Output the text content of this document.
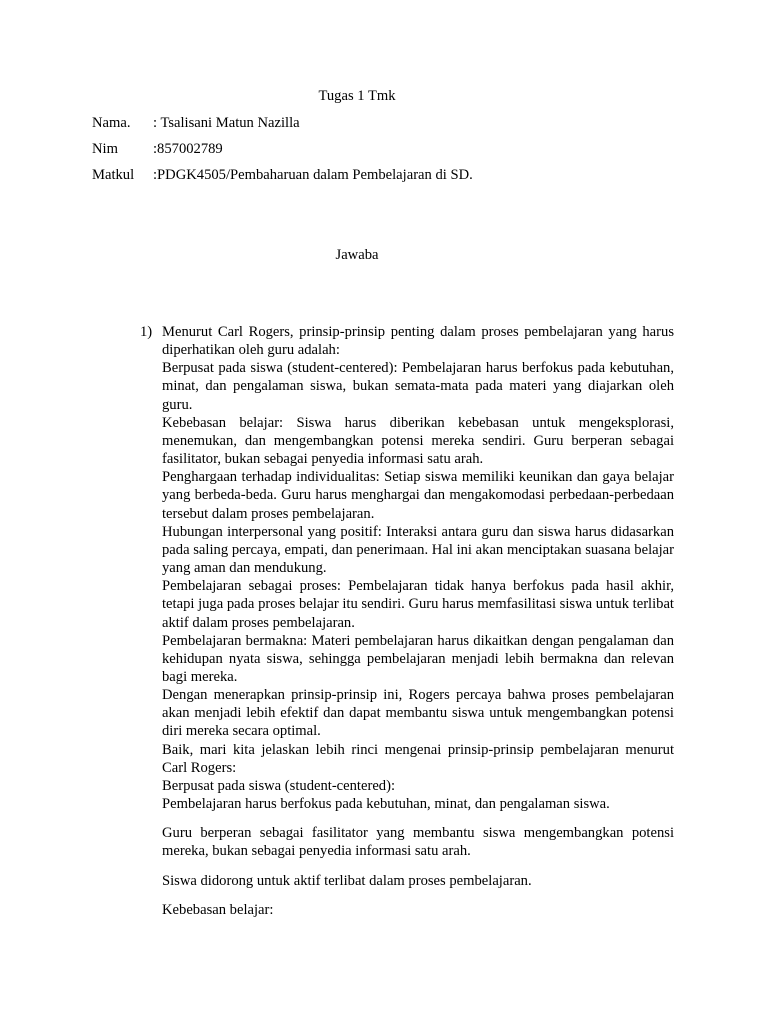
Tugas 1 Tmk
Nama. : Tsalisani Matun Nazilla
Nim :857002789
Matkul :PDGK4505/Pembaharuan dalam Pembelajaran di SD.
Jawaba
1) Menurut Carl Rogers, prinsip-prinsip penting dalam proses pembelajaran yang harus diperhatikan oleh guru adalah:

Berpusat pada siswa (student-centered): Pembelajaran harus berfokus pada kebutuhan, minat, dan pengalaman siswa, bukan semata-mata pada materi yang diajarkan oleh guru.

Kebebasan belajar: Siswa harus diberikan kebebasan untuk mengeksplorasi, menemukan, dan mengembangkan potensi mereka sendiri. Guru berperan sebagai fasilitator, bukan sebagai penyedia informasi satu arah.

Penghargaan terhadap individualitas: Setiap siswa memiliki keunikan dan gaya belajar yang berbeda-beda. Guru harus menghargai dan mengakomodasi perbedaan-perbedaan tersebut dalam proses pembelajaran.

Hubungan interpersonal yang positif: Interaksi antara guru dan siswa harus didasarkan pada saling percaya, empati, dan penerimaan. Hal ini akan menciptakan suasana belajar yang aman dan mendukung.

Pembelajaran sebagai proses: Pembelajaran tidak hanya berfokus pada hasil akhir, tetapi juga pada proses belajar itu sendiri. Guru harus memfasilitasi siswa untuk terlibat aktif dalam proses pembelajaran.

Pembelajaran bermakna: Materi pembelajaran harus dikaitkan dengan pengalaman dan kehidupan nyata siswa, sehingga pembelajaran menjadi lebih bermakna dan relevan bagi mereka.

Dengan menerapkan prinsip-prinsip ini, Rogers percaya bahwa proses pembelajaran akan menjadi lebih efektif dan dapat membantu siswa untuk mengembangkan potensi diri mereka secara optimal.

Baik, mari kita jelaskan lebih rinci mengenai prinsip-prinsip pembelajaran menurut Carl Rogers:

Berpusat pada siswa (student-centered):

Pembelajaran harus berfokus pada kebutuhan, minat, dan pengalaman siswa.

Guru berperan sebagai fasilitator yang membantu siswa mengembangkan potensi mereka, bukan sebagai penyedia informasi satu arah.

Siswa didorong untuk aktif terlibat dalam proses pembelajaran.

Kebebasan belajar:
